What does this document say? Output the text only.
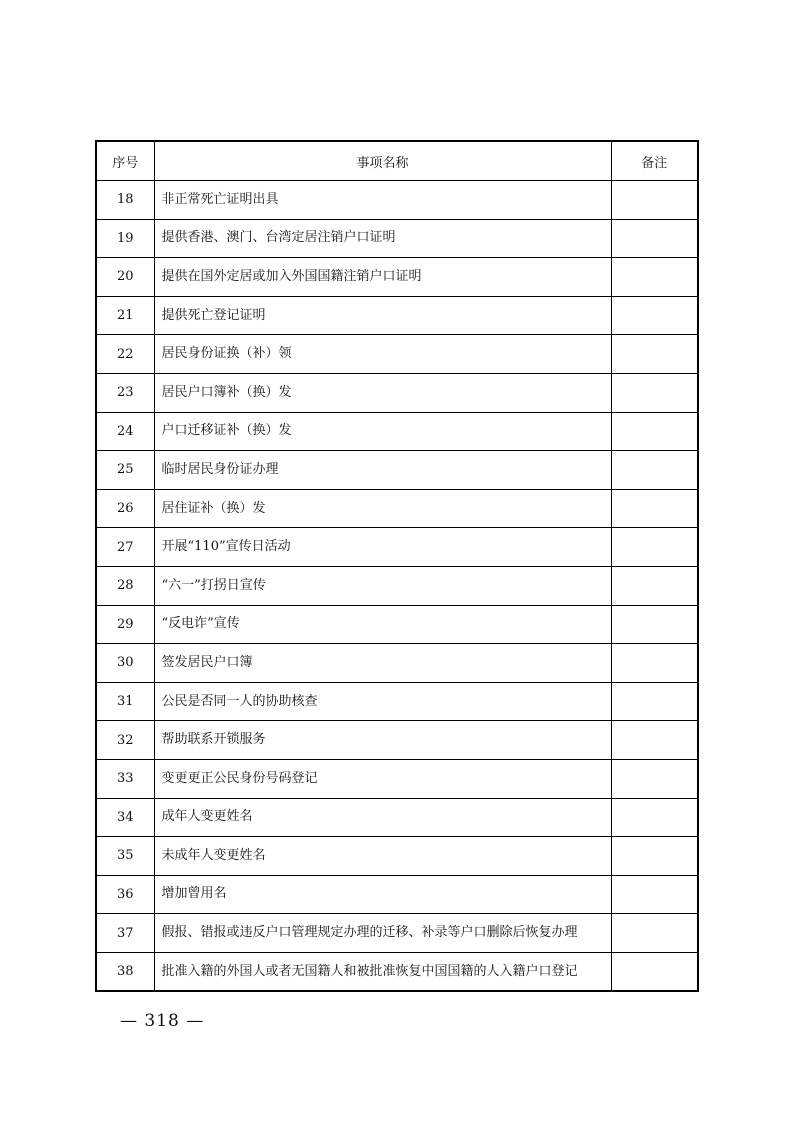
序号	事项名称	备注
18	非正常死亡证明出具	
19	提供香港、澳门、台湾定居注销户口证明	
20	提供在国外定居或加入外国国籍注销户口证明	
21	提供死亡登记证明	
22	居民身份证换（补）领	
23	居民户口簿补（换）发	
24	户口迁移证补（换）发	
25	临时居民身份证办理	
26	居住证补（换）发	
27	开展“110”宣传日活动	
28	“六一”打拐日宣传	
29	“反电诈”宣传	
30	签发居民户口簿	
31	公民是否同一人的协助核查	
32	帮助联系开锁服务	
33	变更更正公民身份号码登记	
34	成年人变更姓名	
35	未成年人变更姓名	
36	增加曾用名	
37	假报、错报或违反户口管理规定办理的迁移、补录等户口删除后恢复办理	
38	批准入籍的外国人或者无国籍人和被批准恢复中国国籍的人入籍户口登记	
— 318 —
